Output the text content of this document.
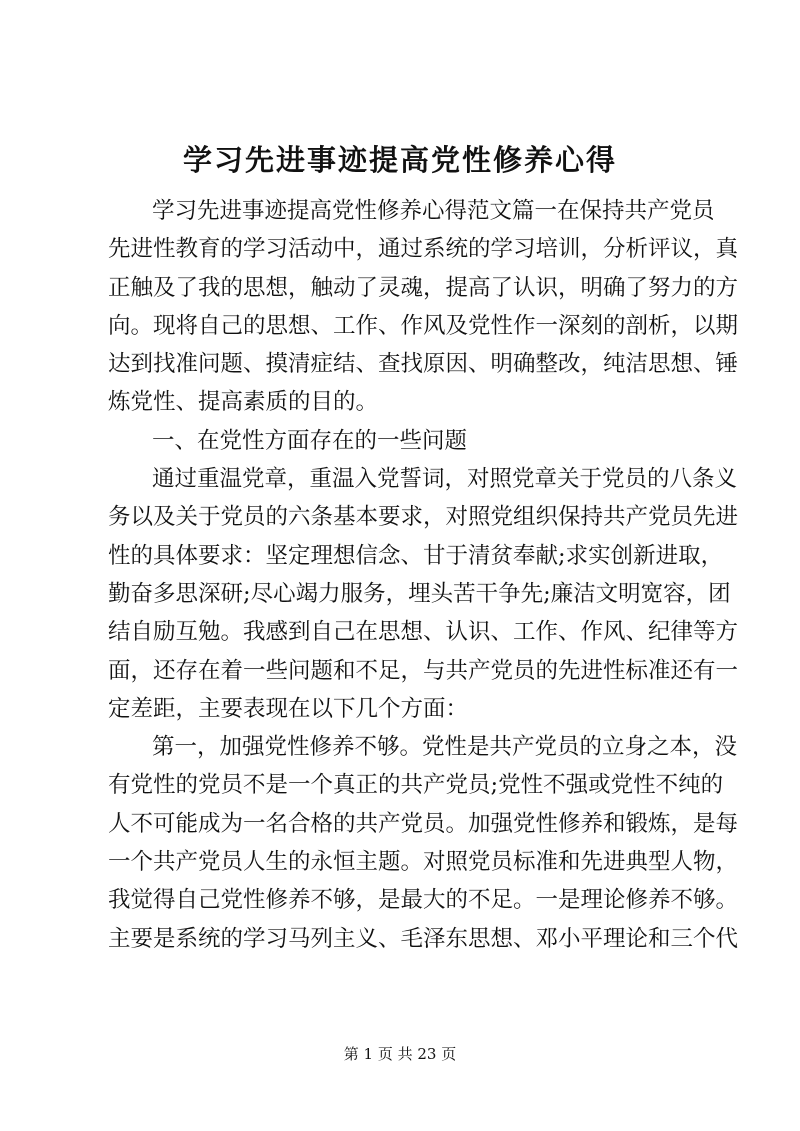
学习先进事迹提高党性修养心得
学习先进事迹提高党性修养心得范文篇一在保持共产党员
先进性教育的学习活动中，通过系统的学习培训，分析评议，真
正触及了我的思想，触动了灵魂，提高了认识，明确了努力的方
向。现将自己的思想、工作、作风及党性作一深刻的剖析，以期
达到找准问题、摸清症结、查找原因、明确整改，纯洁思想、锤
炼党性、提高素质的目的。
一、在党性方面存在的一些问题
通过重温党章，重温入党誓词，对照党章关于党员的八条义
务以及关于党员的六条基本要求，对照党组织保持共产党员先进
性的具体要求：坚定理想信念、甘于清贫奉献;求实创新进取，
勤奋多思深研;尽心竭力服务，埋头苦干争先;廉洁文明宽容，团
结自励互勉。我感到自己在思想、认识、工作、作风、纪律等方
面，还存在着一些问题和不足，与共产党员的先进性标准还有一
定差距，主要表现在以下几个方面：
第一，加强党性修养不够。党性是共产党员的立身之本，没
有党性的党员不是一个真正的共产党员;党性不强或党性不纯的
人不可能成为一名合格的共产党员。加强党性修养和锻炼，是每
一个共产党员人生的永恒主题。对照党员标准和先进典型人物，
我觉得自己党性修养不够，是最大的不足。一是理论修养不够。
主要是系统的学习马列主义、毛泽东思想、邓小平理论和三个代
第 1 页 共 23 页
